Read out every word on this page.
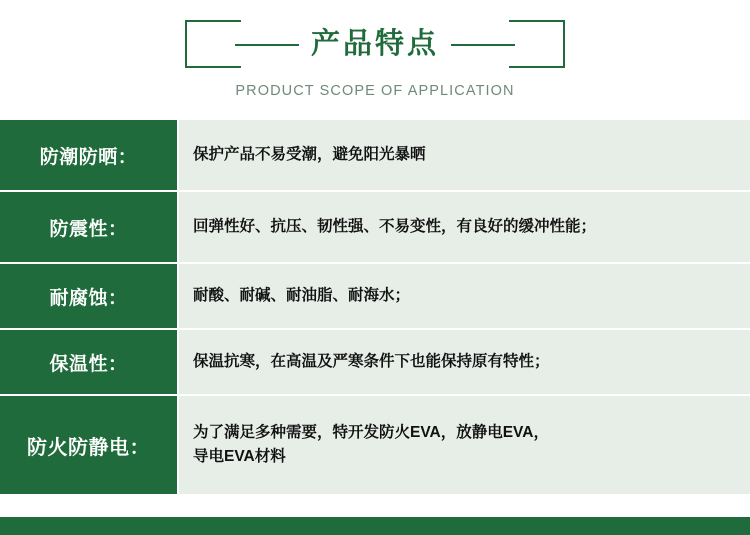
产品特点
PRODUCT SCOPE OF APPLICATION
防潮防晒：	保护产品不易受潮，避免阳光暴晒

防震性：	回弹性好、抗压、韧性强、不易变性，有良好的缓冲性能；

耐腐蚀：	耐酸、耐碱、耐油脂、耐海水；

保温性：	保温抗寒，在高温及严寒条件下也能保持原有特性；

防火防静电：	为了满足多种需要，特开发防火EVA，放静电EVA，
导电EVA材料
